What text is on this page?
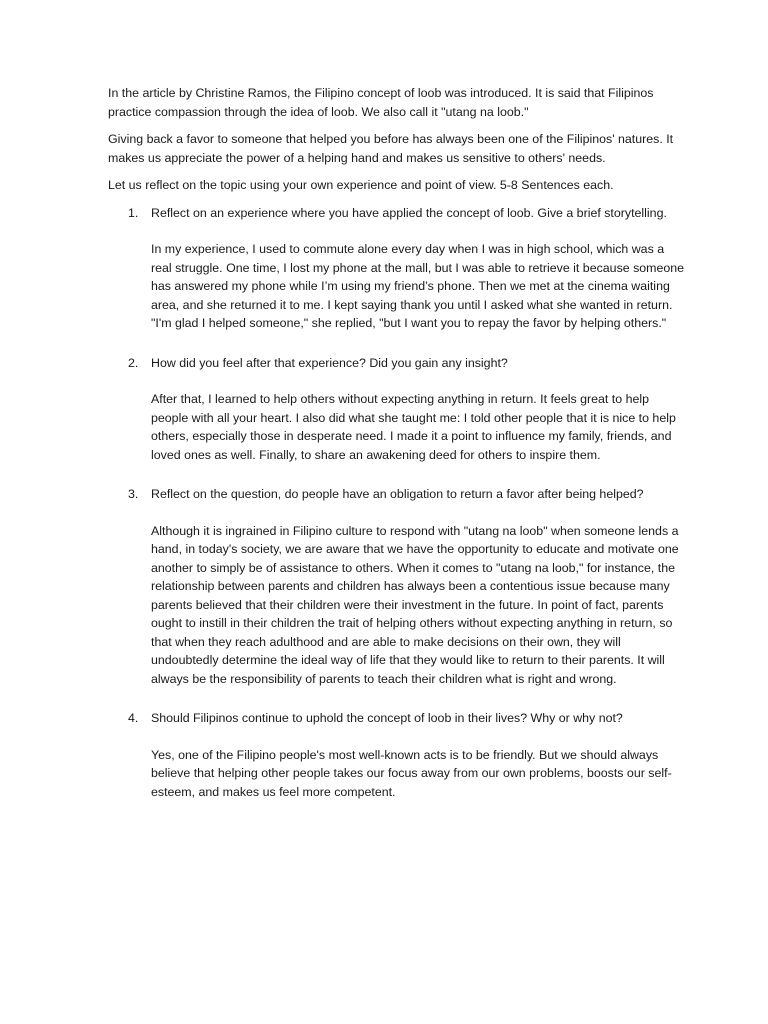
In the article by Christine Ramos, the Filipino concept of loob was introduced. It is said that Filipinos practice compassion through the idea of loob. We also call it "utang na loob."

Giving back a favor to someone that helped you before has always been one of the Filipinos' natures. It makes us appreciate the power of a helping hand and makes us sensitive to others' needs.

Let us reflect on the topic using your own experience and point of view. 5-8 Sentences each.

1. Reflect on an experience where you have applied the concept of loob. Give a brief storytelling.

In my experience, I used to commute alone every day when I was in high school, which was a real struggle. One time, I lost my phone at the mall, but I was able to retrieve it because someone has answered my phone while I’m using my friend’s phone. Then we met at the cinema waiting area, and she returned it to me. I kept saying thank you until I asked what she wanted in return. "I'm glad I helped someone," she replied, "but I want you to repay the favor by helping others."

2. How did you feel after that experience? Did you gain any insight?

After that, I learned to help others without expecting anything in return. It feels great to help people with all your heart. I also did what she taught me: I told other people that it is nice to help others, especially those in desperate need. I made it a point to influence my family, friends, and loved ones as well. Finally, to share an awakening deed for others to inspire them.

3. Reflect on the question, do people have an obligation to return a favor after being helped?

Although it is ingrained in Filipino culture to respond with "utang na loob" when someone lends a hand, in today's society, we are aware that we have the opportunity to educate and motivate one another to simply be of assistance to others. When it comes to "utang na loob," for instance, the relationship between parents and children has always been a contentious issue because many parents believed that their children were their investment in the future. In point of fact, parents ought to instill in their children the trait of helping others without expecting anything in return, so that when they reach adulthood and are able to make decisions on their own, they will undoubtedly determine the ideal way of life that they would like to return to their parents. It will always be the responsibility of parents to teach their children what is right and wrong.

4. Should Filipinos continue to uphold the concept of loob in their lives? Why or why not?

Yes, one of the Filipino people's most well-known acts is to be friendly. But we should always believe that helping other people takes our focus away from our own problems, boosts our self-esteem, and makes us feel more competent.
